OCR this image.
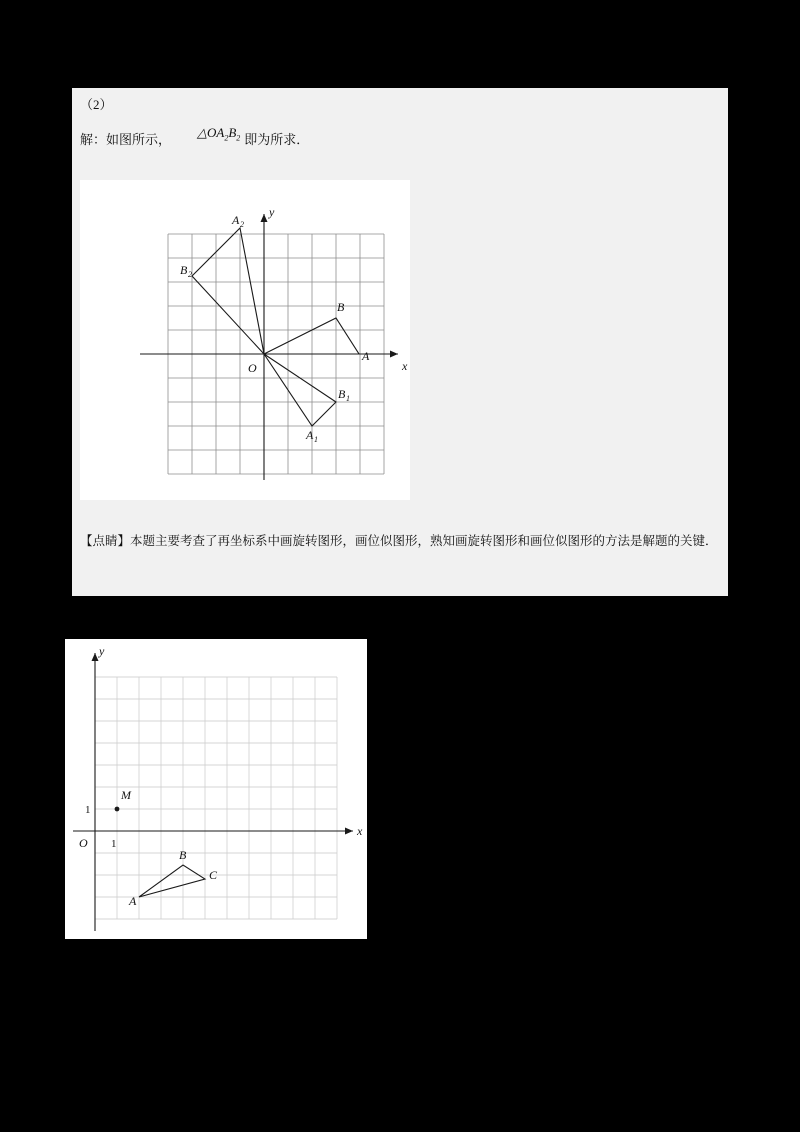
（2）
解：如图所示， $\triangle OA_2B_2$ 即为所求．
x
y
O
A
B
A 1
B 1
A 2
B 2
【点睛】本题主要考查了再坐标系中画旋转图形，画位似图形，熟知画旋转图形和画位似图形的方法是解题的关键．
x
y
O 1
1
M
A
B
C
